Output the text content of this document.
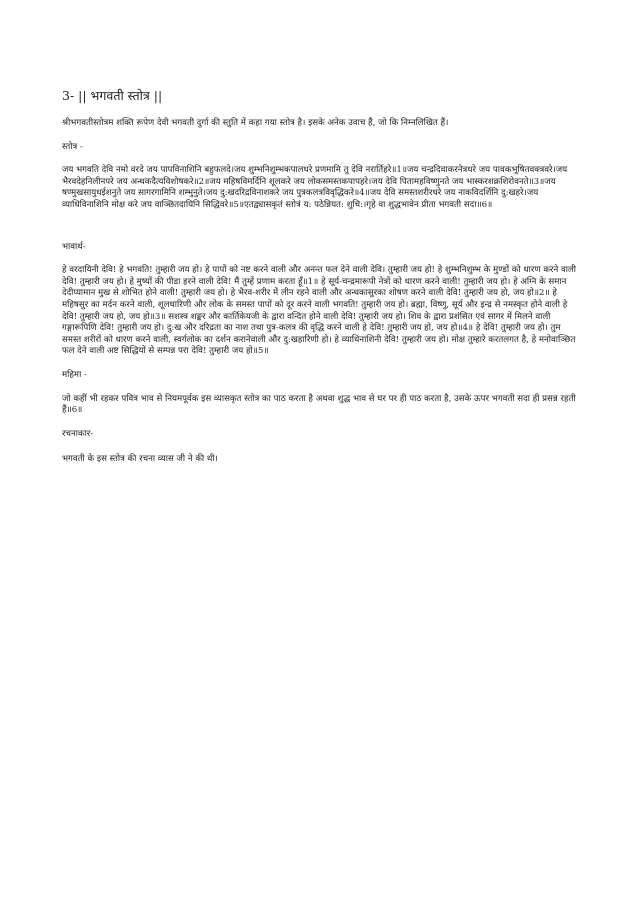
3- || भगवती स्तोत्र ||

श्रीभगवतीस्तोत्रम शक्ति रूपेण देवी भगवती दुर्गा की स्तुति में कहा गया स्तोत्र है। इसके अनेक उवाच हैं, जो कि निम्नलिखित हैं।

स्तोत्र -

जय भगवति देवि नमो वरदे जय पापविनाशिनि बहुफलदे।जय शुम्भनिशुम्भकपालधरे प्रणमामि तु देवि नरार्तिहरे॥1॥जय चन्द्रदिवाकरनेत्रधरे जय पावकभूषितवक्त्रवरे।जय भैरवदेहनिलीनपरे जय अन्धकदैत्यविशोषकरे॥2॥जय महिषविमर्दिनि शूलकरे जय लोकसमस्तकपापहरे।जय देवि पितामहविष्णुनते जय भास्करशक्रशिरोवनते॥3॥जय षण्मुखसायुधईशनुते जय सागरगामिनि शम्भुनुते।जय दु:खदरिद्रविनाशकरे जय पुत्रकलत्रविवृद्धिकरे॥4॥जय देवि समस्तशरीरधरे जय नाकविदर्शिनि दु:खहरे।जय व्याधिविनाशिनि मोक्ष करे जय वाञ्छितदायिनि सिद्धिवरे॥5॥एतद्व्यासकृतं स्तोत्रं य: पठेन्नियत: शुचि:।गृहे वा शुद्धभावेन प्रीता भगवती सदा॥6॥

भावार्थ-

हे वरदायिनी देवि! हे भगवति! तुम्हारी जय हो। हे पापों को नष्ट करने वाली और अनन्त फल देने वाली देवि। तुम्हारी जय हो! हे शुम्भनिशुम्भ के मुण्डों को धारण करने वाली देवि! तुम्हारी जय हो। हे मुष्यों की पीडा हरने वाली देवि! मैं तुम्हें प्रणाम करता हूँ॥1॥ हे सूर्य-चन्द्रमारूपी नेत्रों को धारण करने वाली! तुम्हारी जय हो। हे अग्नि के समान देदीप्यामान मुख से शोभित होने वाली! तुम्हारी जय हो। हे भैरव-शरीर में लीन रहने वाली और अन्धकासुरका शोषण करने वाली देवि! तुम्हारी जय हो, जय हो॥2॥ हे महिषसुर का मर्दन करने वाली, शूलधारिणी और लोक के समस्त पापों को दूर करने वाली भगवति! तुम्हारी जय हो। ब्रह्मा, विष्णु, सूर्य और इन्द्र से नमस्कृत होने वाली हे देवि! तुम्हारी जय हो, जय हो॥3॥ सशस्त्र शङ्कर और कार्तिकेयजी के द्वारा वन्दित होने वाली देवि! तुम्हारी जय हो। शिव के द्वारा प्रशंसित एवं सागर में मिलने वाली गङ्गारूपिणि देवि! तुम्हारी जय हो। दु:ख और दरिद्रता का नाश तथा पुत्र-कलत्र की वृद्धि करने वाली हे देवि! तुम्हारी जय हो, जय हो॥4॥ हे देवि! तुम्हारी जय हो। तुम समस्त शरीरों को धारण करने वाली, स्वर्गलोक का दर्शन करानेवाली और दु:खहारिणी हो। हे व्याधिनाशिनी देवि! तुम्हारी जय हो। मोक्ष तुम्हारे करतलगत है, हे मनोवाञ्छित फल देने वाली अष्ट सिद्धियों से सम्पन्न परा देवि! तुम्हारी जय हो॥5॥

महिमा -

जो कहीं भी रहकर पवित्र भाव से नियमपूर्वक इस व्यासकृत स्तोत्र का पाठ करता है अथवा शुद्ध भाव से घर पर ही पाठ करता है, उसके ऊपर भगवती सदा ही प्रसन्न रहती हैं॥6॥

रचनाकार-

भगवती के इस स्तोत्र की रचना व्यास जी ने की थी।
